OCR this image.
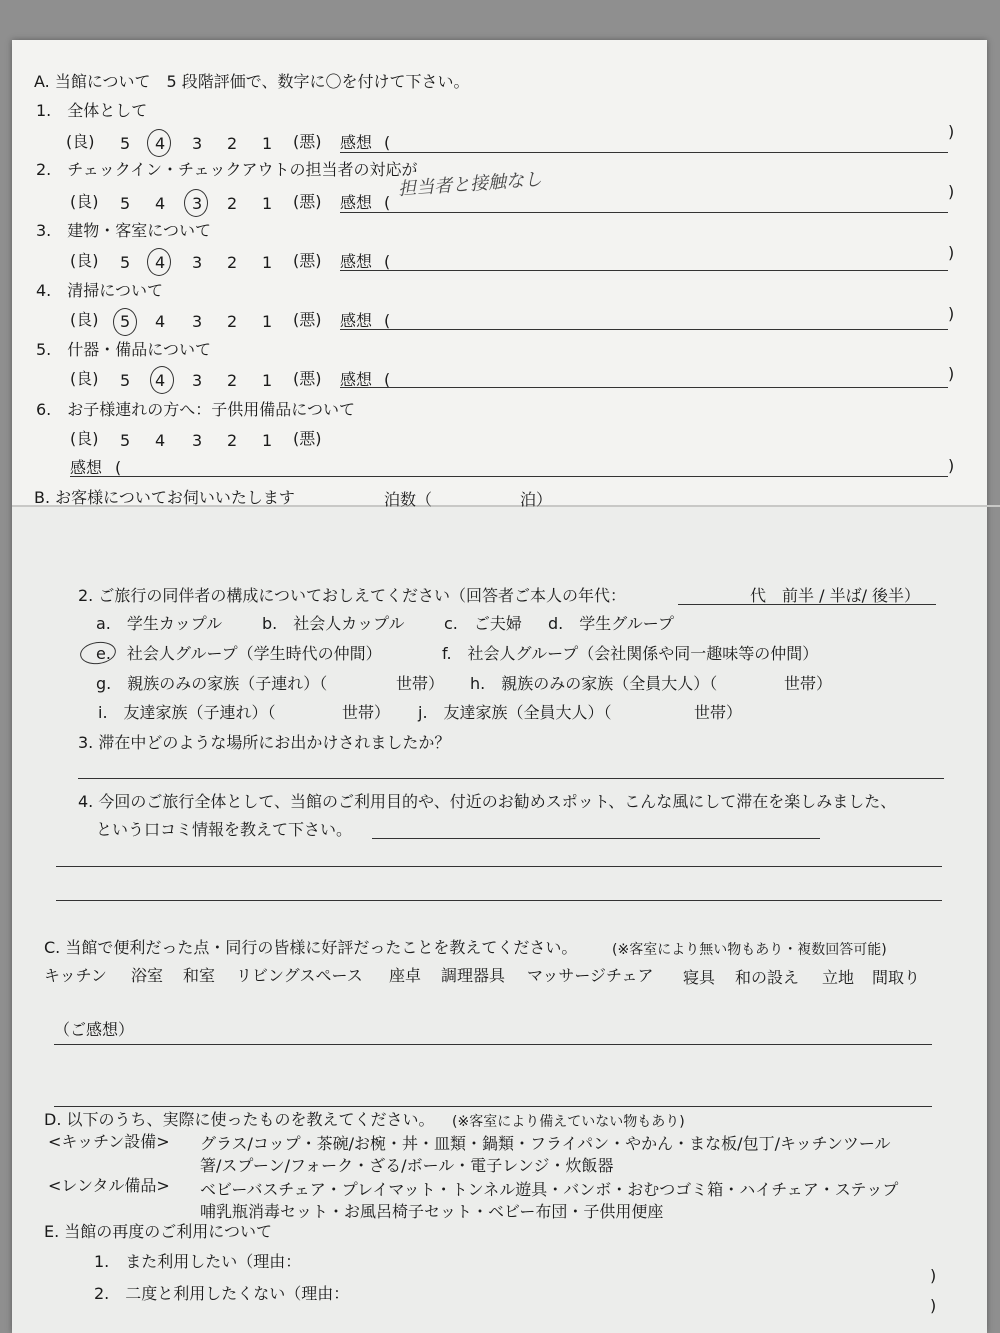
A. 当館について　5 段階評価で、数字に〇を付けて下さい。
1.　全体として
(良) 5 4 3 2 1 (悪) 感想 (
)
2.　チェックイン・チェックアウトの担当者の対応が
(良) 5 4 3 2 1 (悪) 感想 (
)
担当者と接触なし
3.　建物・客室について
(良) 5 4 3 2 1 (悪) 感想 (	)
4.　清掃について
(良) 5 4 3 2 1 (悪) 感想 (	)
5.　什器・備品について
(良) 5 4 3 2 1 (悪) 感想 (	)
6.　お子様連れの方へ：子供用備品について
(良) 5 4 3 2 1 (悪)
感想 (	)
B. お客様についてお伺いいたします	泊数（	泊）
2. ご旅行の同伴者の構成についておしえてください（回答者ご本人の年代：	代　前半 / 半ば/ 後半）
a.　学生カップル b.　社会人カップル c.　ご夫婦 d.　学生グループ
e.　社会人グループ（学生時代の仲間）	f.　社会人グループ（会社関係や同一趣味等の仲間）
g.　親族のみの家族（子連れ）（	世帯） h.　親族のみの家族（全員大人）（	世帯）
i.　友達家族（子連れ）（	世帯） j.　友達家族（全員大人）（	世帯）
3. 滞在中どのような場所にお出かけされましたか？
4. 今回のご旅行全体として、当館のご利用目的や、付近のお勧めスポット、こんな風にして滞在を楽しみました、
という口コミ情報を教えて下さい。
C. 当館で便利だった点・同行の皆様に好評だったことを教えてください。 (※客室により無い物もあり・複数回答可能)
キッチン 浴室 和室 リビングスペース 座卓 調理器具 マッサージチェア 寝具 和の設え 立地 間取り
（ご感想）
D. 以下のうち、実際に使ったものを教えてください。 (※客室により備えていない物もあり)
<キッチン設備> グラス/コップ・茶碗/お椀・丼・皿類・鍋類・フライパン・やかん・まな板/包丁/キッチンツール
箸/スプーン/フォーク・ざる/ボール・電子レンジ・炊飯器
<レンタル備品> ベビーバスチェア・プレイマット・トンネル遊具・バンボ・おむつゴミ箱・ハイチェア・ステップ
哺乳瓶消毒セット・お風呂椅子セット・ベビー布団・子供用便座
E. 当館の再度のご利用について
1.　また利用したい（理由：
)
2.　二度と利用したくない（理由：
)
